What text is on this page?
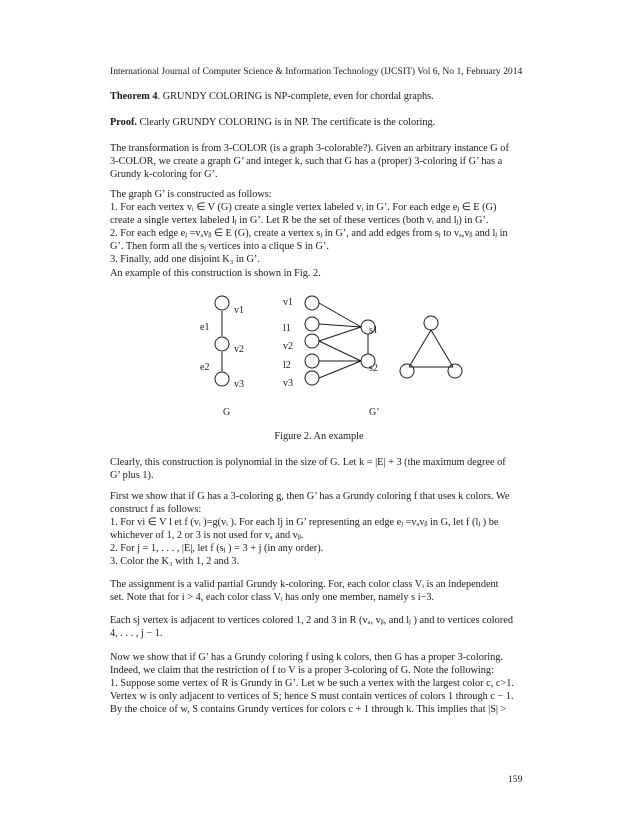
International Journal of Computer Science & Information Technology (IJCSIT) Vol 6, No 1, February 2014

Theorem 4. GRUNDY COLORING is NP-complete, even for chordal graphs.

Proof. Clearly GRUNDY COLORING is in NP. The certificate is the coloring.

The transformation is from 3-COLOR (is a graph 3-colorable?). Given an arbitrary instance G of
3-COLOR, we create a graph G’ and integer k, such that G has a (proper) 3-coloring if G’ has a
Grundy k-coloring for G’.

The graph G’ is constructed as follows:
1. For each vertex vᵢ ∈ V (G) create a single vertex labeled vᵢ in G’. For each edge eⱼ ∈ E (G)
create a single vertex labeled lⱼ in G’. Let R be the set of these vertices (both vᵢ and lⱼ) in G’.
2. For each edge eⱼ =vₐvᵦ ∈ E (G), create a vertex sⱼ in G’, and add edges from sⱼ to vₐ,vᵦ and lⱼ in
G’. Then form all the sⱼ vertices into a clique S in G’.
3. Finally, add one disjoint K₃ in G’.
An example of this construction is shown in Fig. 2.

v1
v2
v3
e1
e2
v1
l1
v2
l2
v3
s1
s2
G	G’
Figure 2. An example

Clearly, this construction is polynomial in the size of G. Let k = |E| + 3 (the maximum degree of
G’ plus 1).

First we show that if G has a 3-coloring g, then G’ has a Grundy coloring f that uses k colors. We
construct f as follows:
1. For vi ∈ V l et f (vᵢ )=g(vᵢ ). For each lj in G’ representing an edge eⱼ =vₐvᵦ in G, let f (lⱼ ) be
whichever of 1, 2 or 3 is not used for vₐ and vᵦ.
2. For j = 1, . . . , |E|, let f (sⱼ ) = 3 + j (in any order).
3. Color the K₃ with 1, 2 and 3.

The assignment is a valid partial Grundy k-coloring. For, each color class Vᵢ is an independent
set. Note that for i > 4, each color class Vᵢ has only one member, namely s i−3.

Each sj vertex is adjacent to vertices colored 1, 2 and 3 in R (vₐ, vᵦ, and lⱼ ) and to vertices colored
4, . . . , j − 1.

Now we show that if G’ has a Grundy coloring f using k colors, then G has a proper 3-coloring.
Indeed, we claim that the restriction of f to V is a proper 3-coloring of G. Note the following:
1. Suppose some vertex of R is Grundy in G’. Let w be such a vertex with the largest color c, c>1.
Vertex w is only adjacent to vertices of S; hence S must contain vertices of colors 1 through c − 1.
By the choice of w, S contains Grundy vertices for colors c + 1 through k. This implies that |S| >

159
